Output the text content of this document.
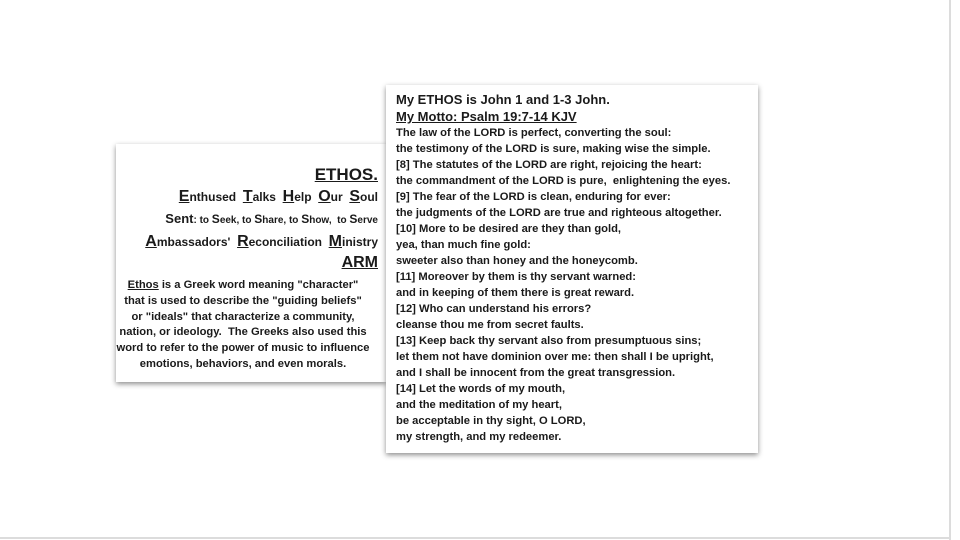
ETHOS.
Enthused Talks Help Our Soul
Sent: to Seek, to Share, to Show,  to Serve
Ambassadors' Reconciliation Ministry
ARM
Ethos is a Greek word meaning "character"
that is used to describe the "guiding beliefs"
or "ideals" that characterize a community,
nation, or ideology.  The Greeks also used this
word to refer to the power of music to influence
emotions, behaviors, and even morals.
My ETHOS is John 1 and 1-3 John.
My Motto: Psalm 19:7-14 KJV
The law of the LORD is perfect, converting the soul:
the testimony of the LORD is sure, making wise the simple.
[8] The statutes of the LORD are right, rejoicing the heart:
the commandment of the LORD is pure,  enlightening the eyes.
[9] The fear of the LORD is clean, enduring for ever:
the judgments of the LORD are true and righteous altogether.
[10] More to be desired are they than gold,
yea, than much fine gold:
sweeter also than honey and the honeycomb.
[11] Moreover by them is thy servant warned:
and in keeping of them there is great reward.
[12] Who can understand his errors?
cleanse thou me from secret faults.
[13] Keep back thy servant also from presumptuous sins;
let them not have dominion over me: then shall I be upright,
and I shall be innocent from the great transgression.
[14] Let the words of my mouth,
and the meditation of my heart,
be acceptable in thy sight, O LORD,
my strength, and my redeemer.
